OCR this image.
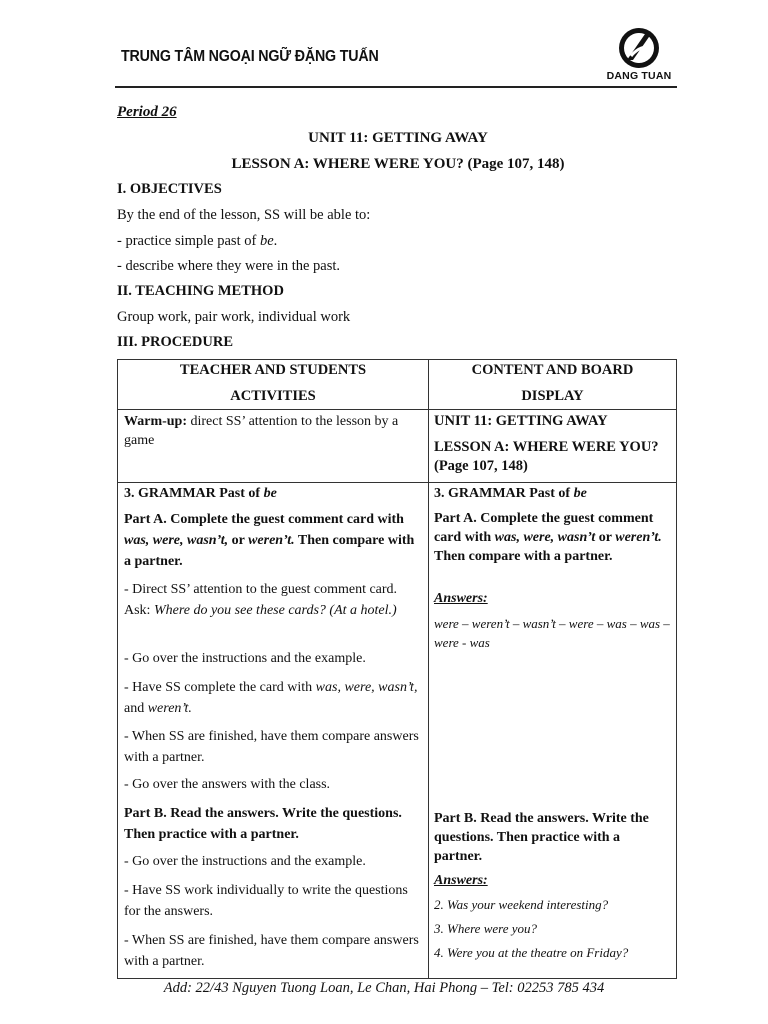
TRUNG TÂM NGOẠI NGỮ ĐẶNG TUẤN
DANG TUAN
Period 26
UNIT 11: GETTING AWAY
LESSON A: WHERE WERE YOU? (Page 107, 148)
I. OBJECTIVES
By the end of the lesson, SS will be able to:
- practice simple past of be.
- describe where they were in the past.
II. TEACHING METHOD
Group work, pair work, individual work
III. PROCEDURE
TEACHER AND STUDENTS
ACTIVITIES
CONTENT AND BOARD
DISPLAY
Warm-up: direct SS’ attention to the lesson by a game
UNIT 11: GETTING AWAY
LESSON A: WHERE WERE YOU? (Page 107, 148)

3. GRAMMAR Past of be

Part A. Complete the guest comment card with was, were, wasn’t, or weren’t. Then compare with a partner.

- Direct SS’ attention to the guest comment card. Ask: Where do you see these cards? (At a hotel.)

- Go over the instructions and the example.

- Have SS complete the card with was, were, wasn’t, and weren’t.

- When SS are finished, have them compare answers with a partner.

- Go over the answers with the class.

Part B. Read the answers. Write the questions. Then practice with a partner.

- Go over the instructions and the example.

- Have SS work individually to write the questions for the answers.

- When SS are finished, have them compare answers with a partner.

3. GRAMMAR Past of be

Part A. Complete the guest comment card with was, were, wasn’t or weren’t. Then compare with a partner.

Answers:

were – weren’t – wasn’t – were – was – was – were - was

Part B. Read the answers. Write the questions. Then practice with a partner.

Answers:

2. Was your weekend interesting?

3. Where were you?

4. Were you at the theatre on Friday?

Add: 22/43 Nguyen Tuong Loan, Le Chan, Hai Phong – Tel: 02253 785 434
